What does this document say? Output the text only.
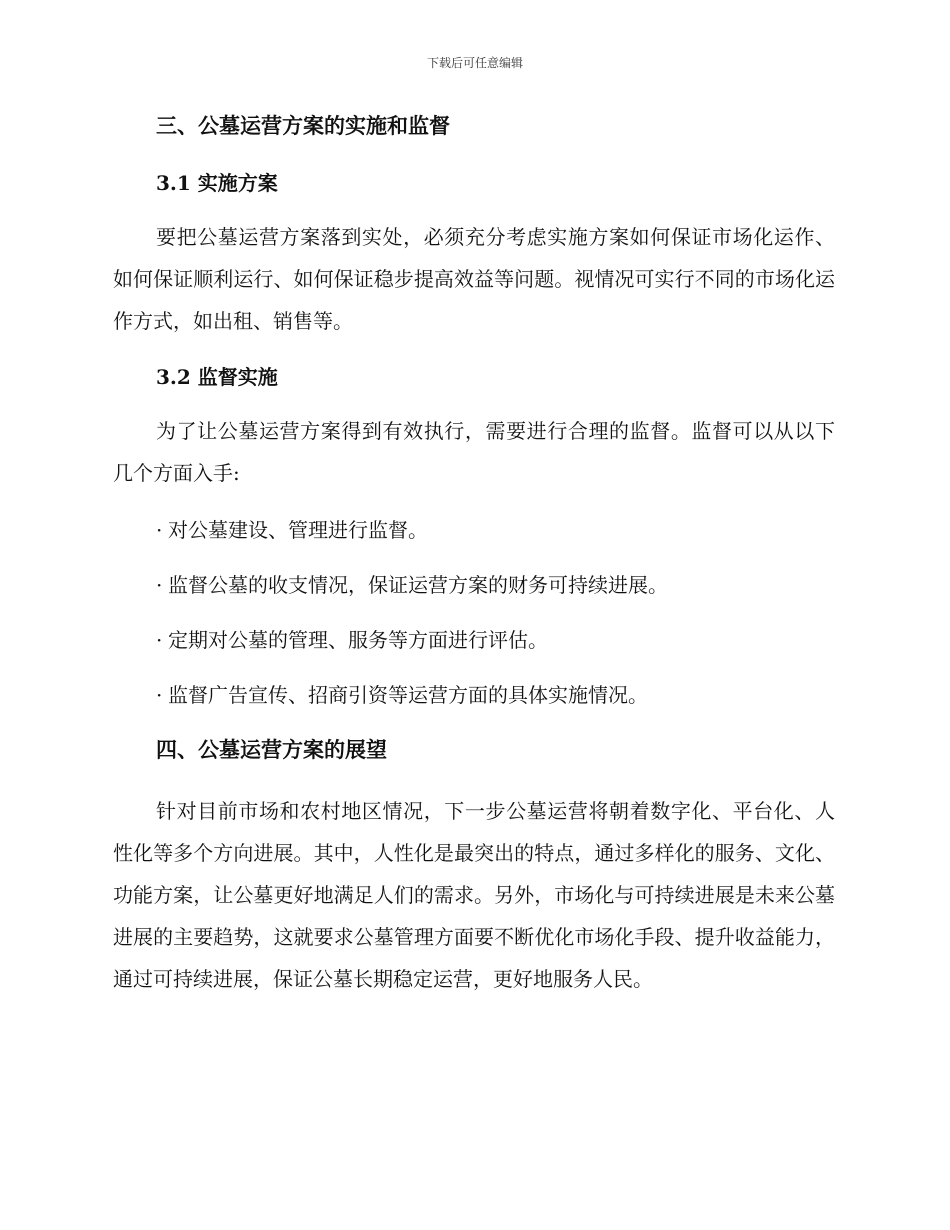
下载后可任意编辑
三、公墓运营方案的实施和监督
3.1 实施方案

要把公墓运营方案落到实处，必须充分考虑实施方案如何保证市场化运作、如何保证顺利运行、如何保证稳步提高效益等问题。视情况可实行不同的市场化运作方式，如出租、销售等。

3.2 监督实施

为了让公墓运营方案得到有效执行，需要进行合理的监督。监督可以从以下几个方面入手:

· 对公墓建设、管理进行监督。
· 监督公墓的收支情况，保证运营方案的财务可持续进展。
· 定期对公墓的管理、服务等方面进行评估。
· 监督广告宣传、招商引资等运营方面的具体实施情况。
四、公墓运营方案的展望

针对目前市场和农村地区情况，下一步公墓运营将朝着数字化、平台化、人性化等多个方向进展。其中，人性化是最突出的特点，通过多样化的服务、文化、功能方案，让公墓更好地满足人们的需求。另外，市场化与可持续进展是未来公墓进展的主要趋势，这就要求公墓管理方面要不断优化市场化手段、提升收益能力，通过可持续进展，保证公墓长期稳定运营，更好地服务人民。
